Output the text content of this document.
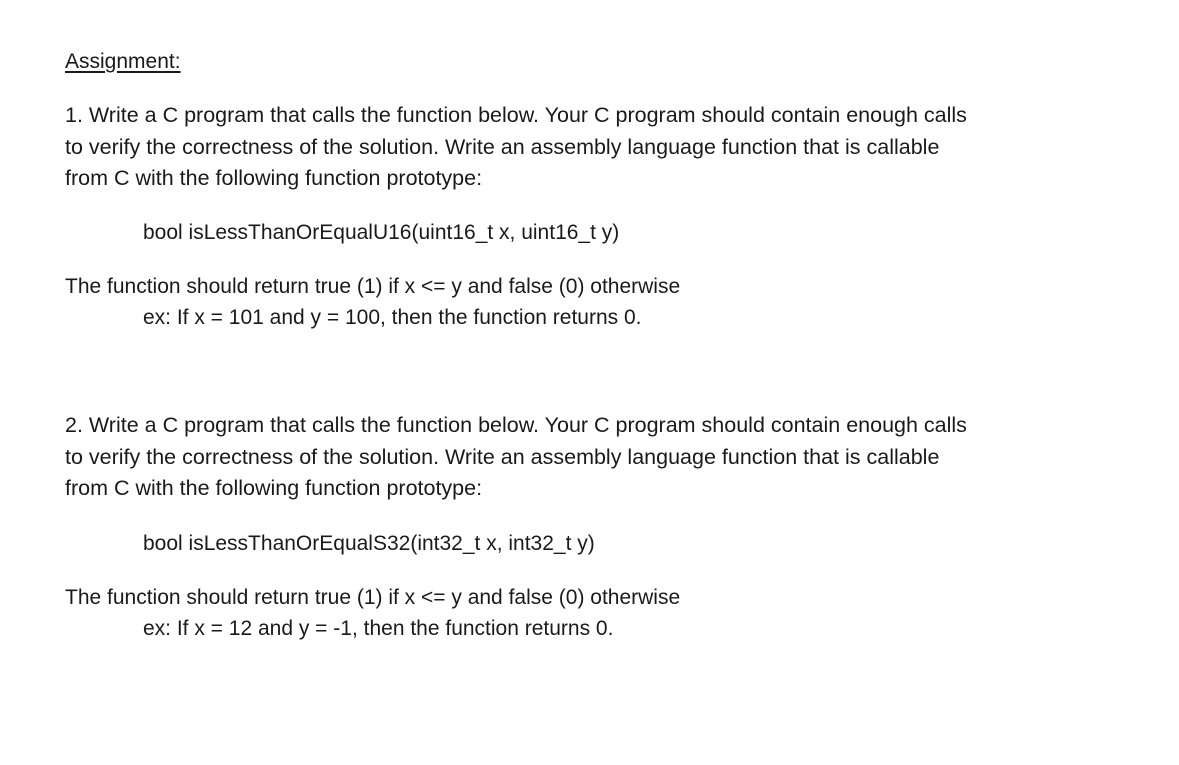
Assignment:
1. Write a C program that calls the function below. Your C program should contain enough calls
to verify the correctness of the solution. Write an assembly language function that is callable
from C with the following function prototype:
bool isLessThanOrEqualU16(uint16_t x, uint16_t y)
The function should return true (1) if x <= y and false (0) otherwise
ex: If x = 101 and y = 100, then the function returns 0.
2. Write a C program that calls the function below. Your C program should contain enough calls
to verify the correctness of the solution. Write an assembly language function that is callable
from C with the following function prototype:
bool isLessThanOrEqualS32(int32_t x, int32_t y)
The function should return true (1) if x <= y and false (0) otherwise
ex: If x = 12 and y = -1, then the function returns 0.
